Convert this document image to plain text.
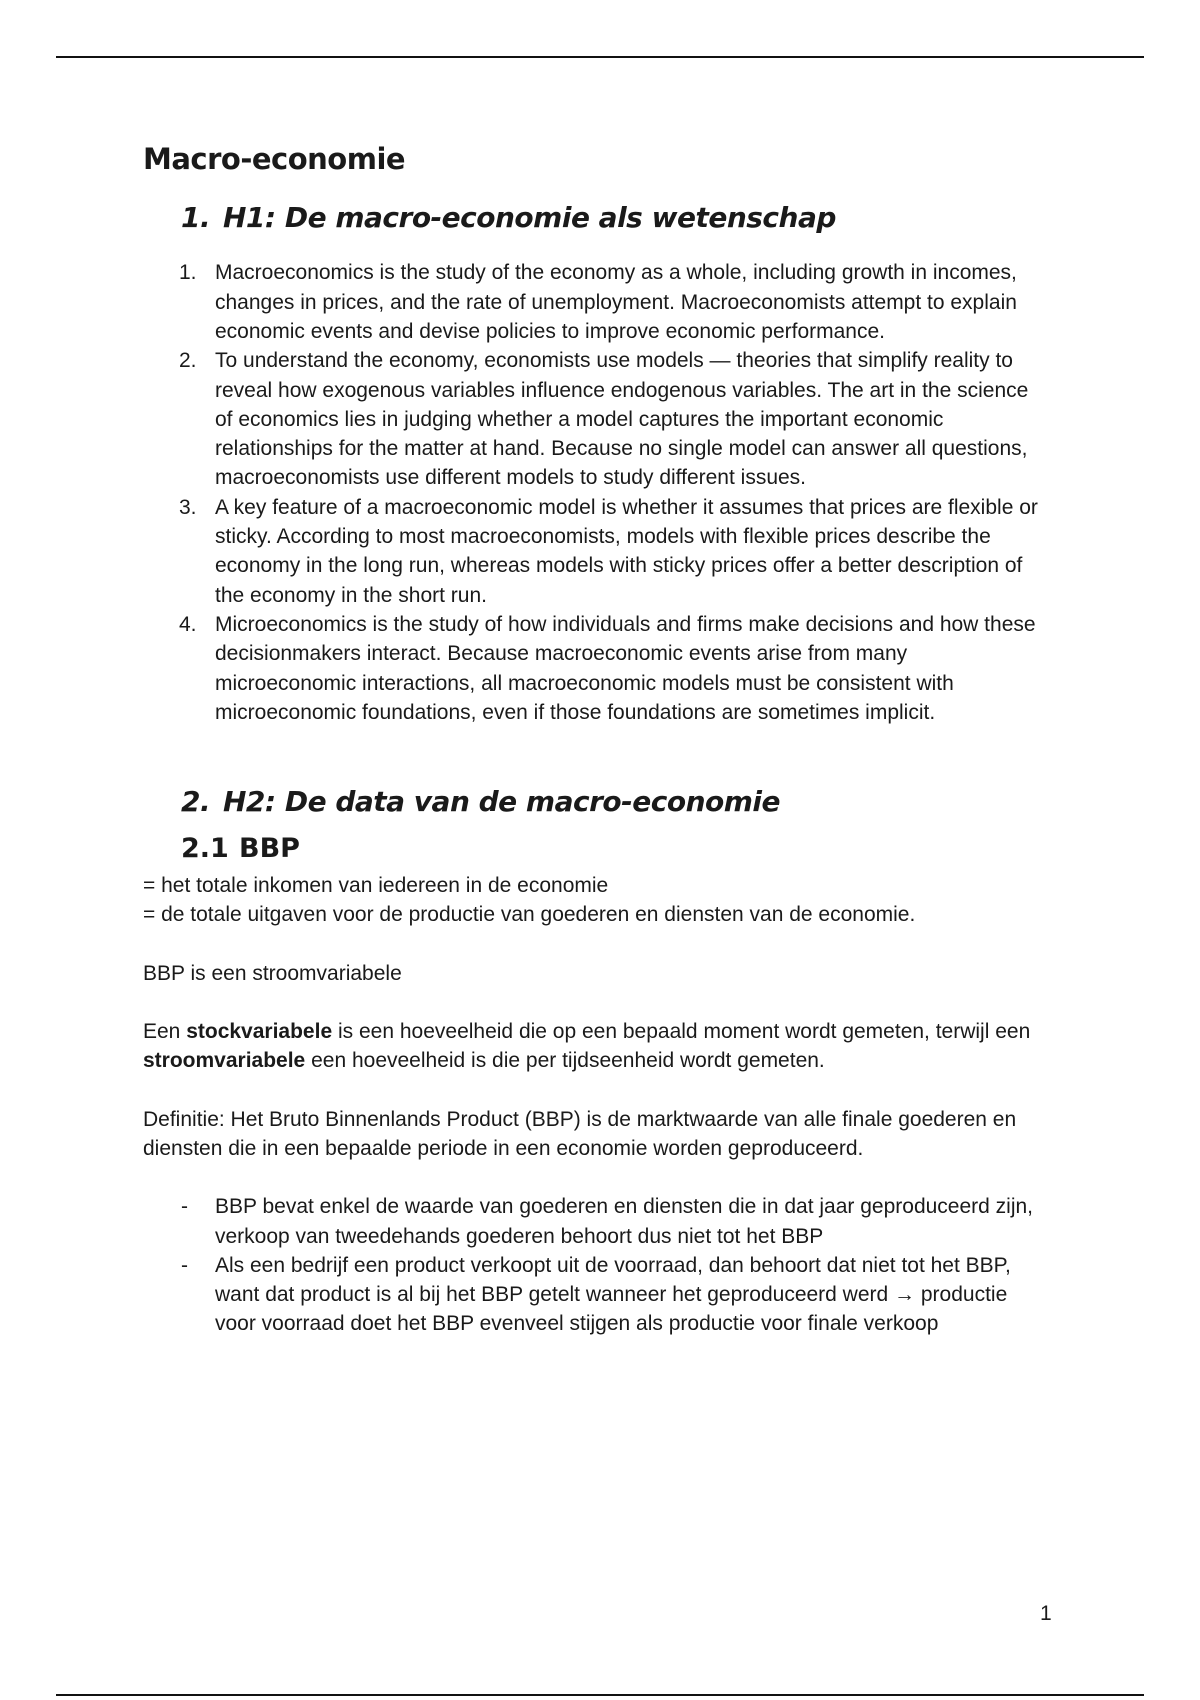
Macro-economie
1. H1: De macro-economie als wetenschap
1. Macroeconomics is the study of the economy as a whole, including growth in incomes, changes in prices, and the rate of unemployment. Macroeconomists attempt to explain economic events and devise policies to improve economic performance.
2. To understand the economy, economists use models — theories that simplify reality to reveal how exogenous variables influence endogenous variables. The art in the science of economics lies in judging whether a model captures the important economic relationships for the matter at hand. Because no single model can answer all questions, macroeconomists use different models to study different issues.
3. A key feature of a macroeconomic model is whether it assumes that prices are flexible or sticky. According to most macroeconomists, models with flexible prices describe the economy in the long run, whereas models with sticky prices offer a better description of the economy in the short run.
4. Microeconomics is the study of how individuals and firms make decisions and how these decisionmakers interact. Because macroeconomic events arise from many microeconomic interactions, all macroeconomic models must be consistent with microeconomic foundations, even if those foundations are sometimes implicit.
2. H2: De data van de macro-economie
2.1 BBP

= het totale inkomen van iedereen in de economie

= de totale uitgaven voor de productie van goederen en diensten van de economie.

BBP is een stroomvariabele

Een stockvariabele is een hoeveelheid die op een bepaald moment wordt gemeten, terwijl een stroomvariabele een hoeveelheid is die per tijdseenheid wordt gemeten.

Definitie: Het Bruto Binnenlands Product (BBP) is de marktwaarde van alle finale goederen en diensten die in een bepaalde periode in een economie worden geproduceerd.

-	BBP bevat enkel de waarde van goederen en diensten die in dat jaar geproduceerd zijn, verkoop van tweedehands goederen behoort dus niet tot het BBP
-	Als een bedrijf een product verkoopt uit de voorraad, dan behoort dat niet tot het BBP, want dat product is al bij het BBP getelt wanneer het geproduceerd werd → productie voor voorraad doet het BBP evenveel stijgen als productie voor finale verkoop
1
